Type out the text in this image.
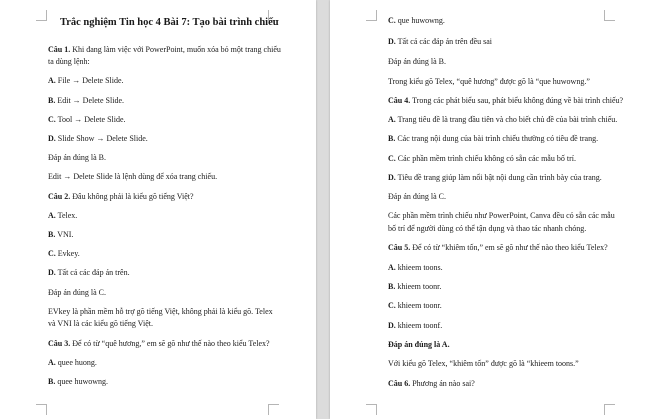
Trắc nghiệm Tin học 4 Bài 7: Tạo bài trình chiếu
Câu 1. Khi đang làm việc với PowerPoint, muốn xóa bỏ một trang chiếu
ta dùng lệnh:
A. File → Delete Slide.
B. Edit → Delete Slide.
C. Tool → Delete Slide.
D. Slide Show → Delete Slide.
Đáp án đúng là B.
Edit → Delete Slide là lệnh dùng để xóa trang chiếu.
Câu 2. Đâu không phải là kiểu gõ tiếng Việt?
A. Telex.
B. VNI.
C. Evkey.
D. Tất cả các đáp án trên.
Đáp án đúng là C.
EVkey là phần mềm hỗ trợ gõ tiếng Việt, không phải là kiểu gõ. Telex
và VNI là các kiểu gõ tiếng Việt.
Câu 3. Để có từ “quê hương,” em sẽ gõ như thế nào theo kiểu Telex?
A. quee huong.
B. quee huwowng.
C. que huwowng.
D. Tất cả các đáp án trên đều sai
Đáp án đúng là B.
Trong kiểu gõ Telex, “quê hương” được gõ là “que huwowng.”
Câu 4. Trong các phát biểu sau, phát biểu không đúng về bài trình chiếu?
A. Trang tiêu đề là trang đầu tiên và cho biết chủ đề của bài trình chiếu.
B. Các trang nội dung của bài trình chiếu thường có tiêu đề trang.
C. Các phần mềm trình chiếu không có sẵn các mẫu bố trí.
D. Tiêu đề trang giúp làm nổi bật nội dung cần trình bày của trang.
Đáp án đúng là C.
Các phần mềm trình chiếu như PowerPoint, Canva đều có sẵn các mẫu
bố trí để người dùng có thể tận dụng và thao tác nhanh chóng.
Câu 5. Để có từ “khiêm tốn,” em sẽ gõ như thế nào theo kiểu Telex?
A. khieem toons.
B. khieem toonr.
C. khieem toonr.
D. khieem toonf.
Đáp án đúng là A.
Với kiểu gõ Telex, “khiêm tốn” được gõ là “khieem toons.”
Câu 6. Phương án nào sai?
